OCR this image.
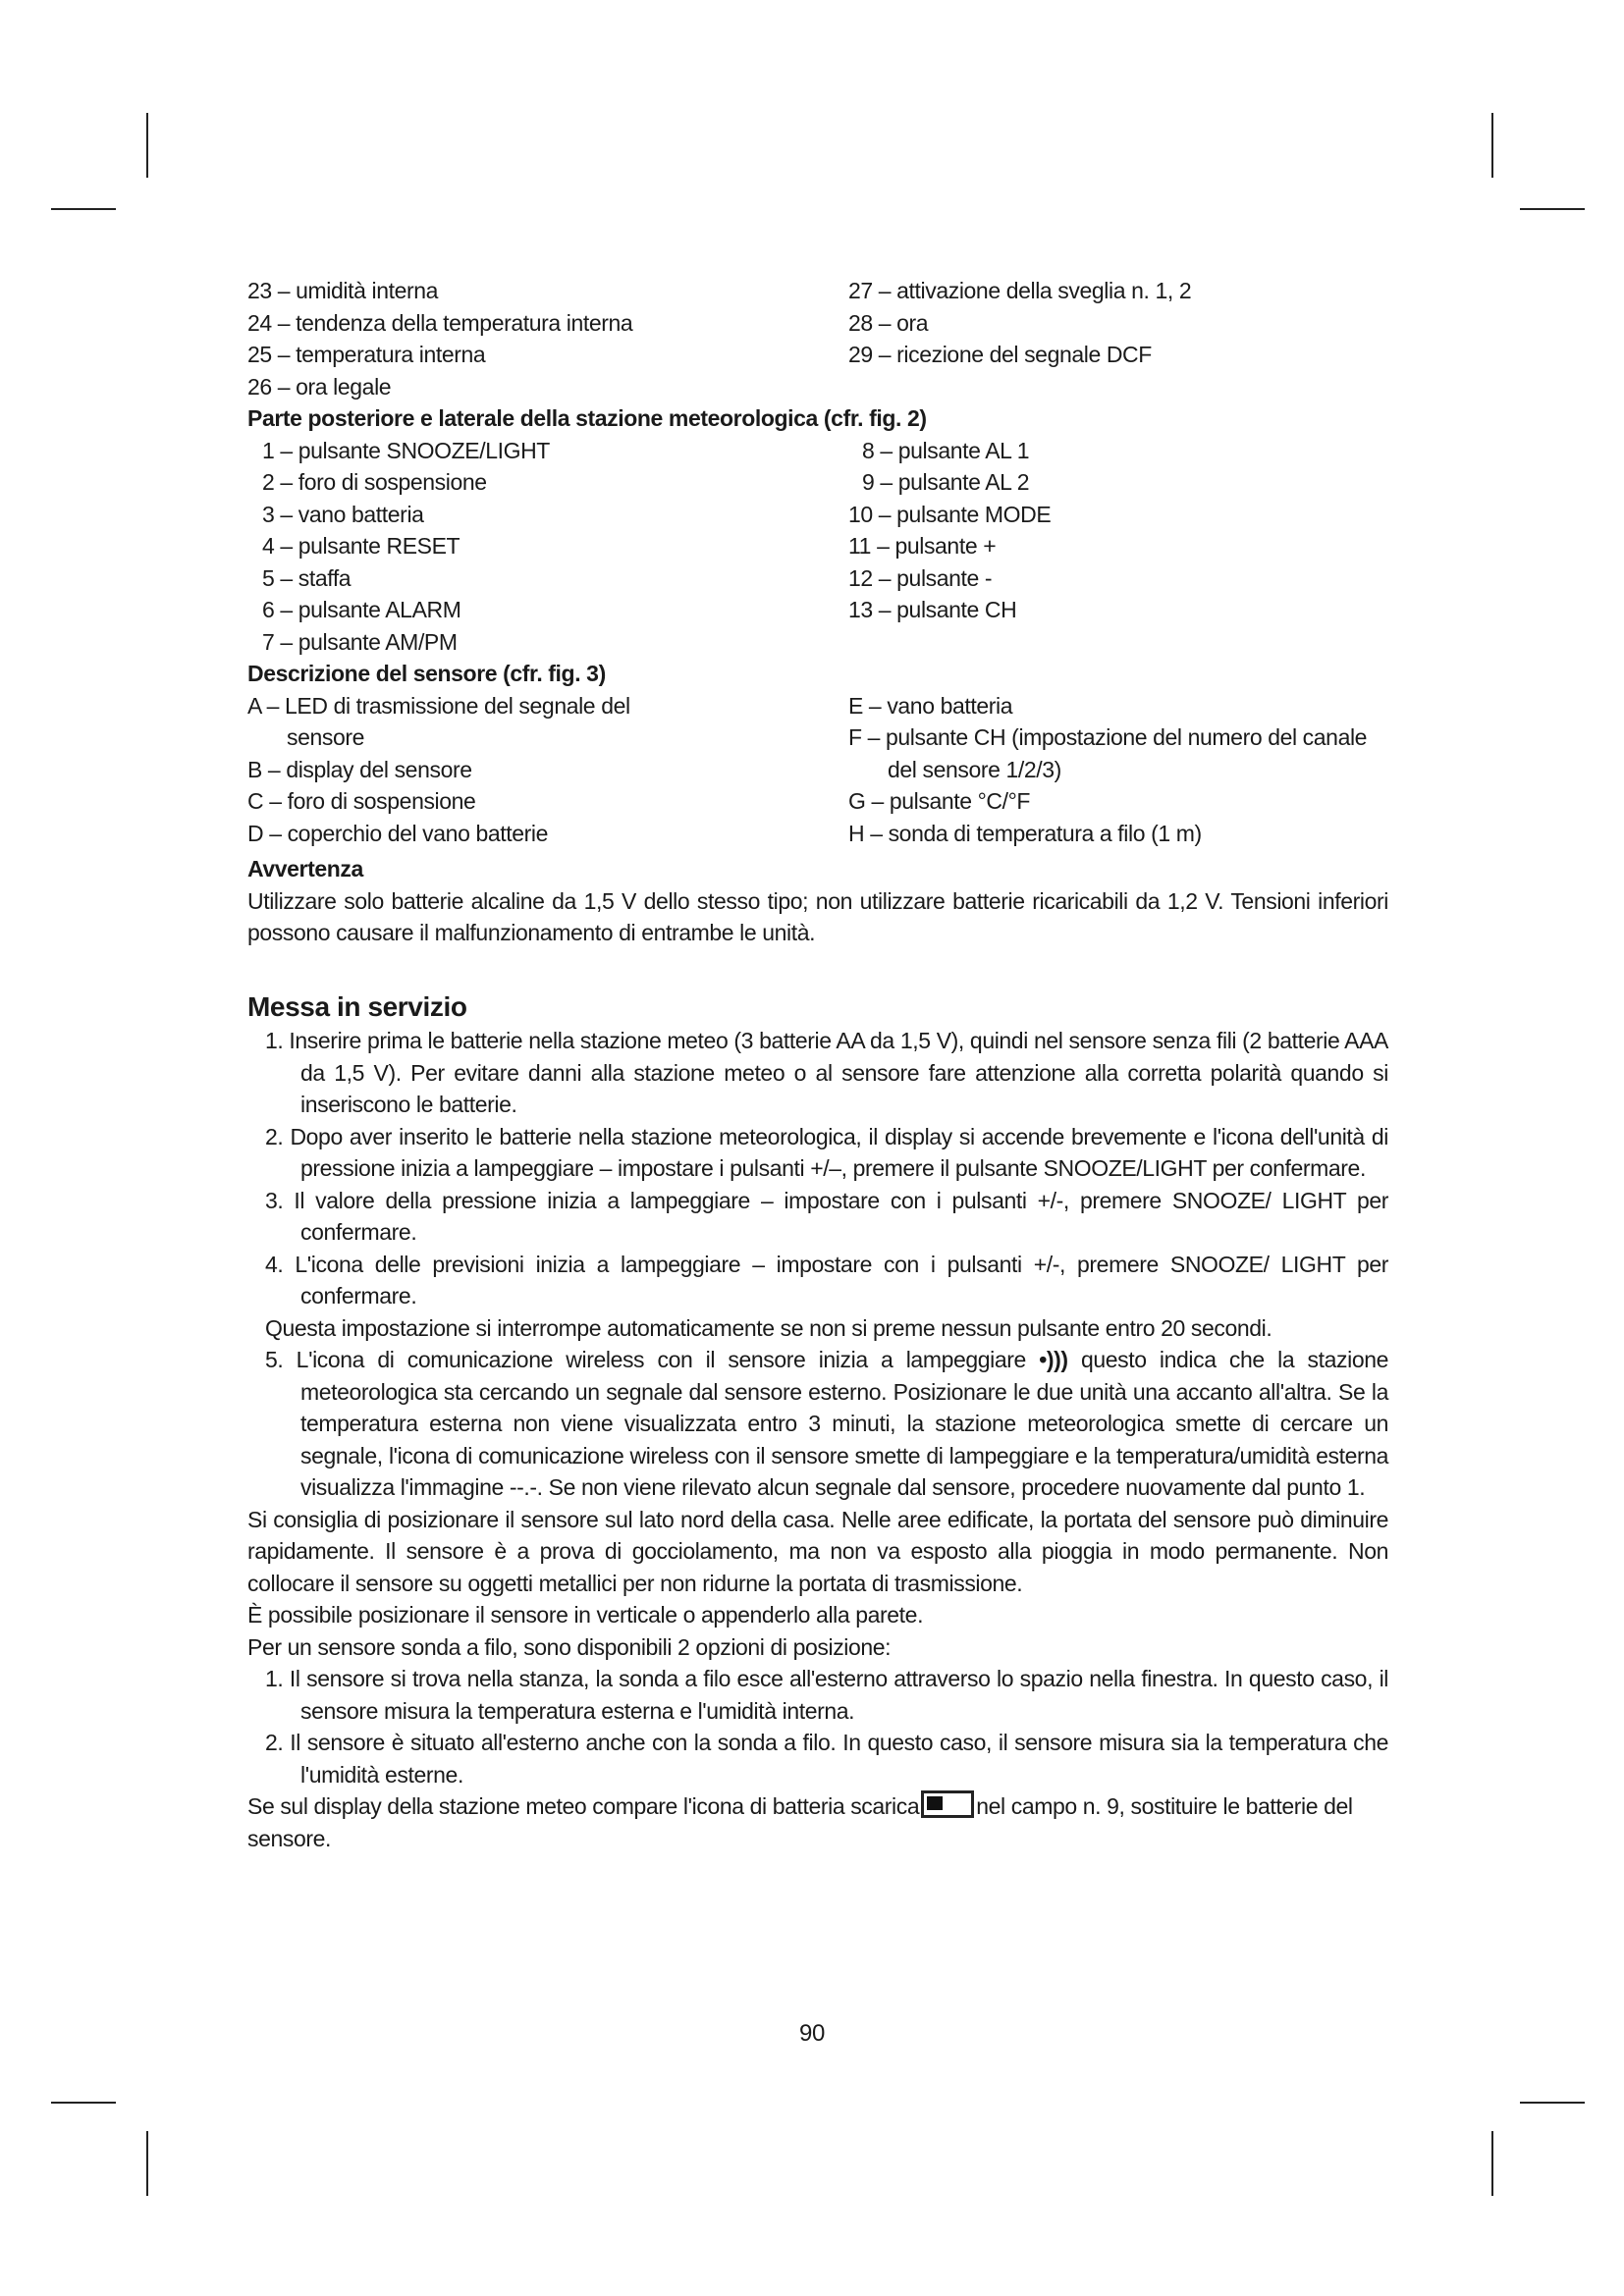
23 – umidità interna
24 – tendenza della temperatura interna
25 – temperatura interna
26 – ora legale
27 – attivazione della sveglia n. 1, 2
28 – ora
29 – ricezione del segnale DCF
Parte posteriore e laterale della stazione meteorologica (cfr. fig. 2)
1 – pulsante SNOOZE/LIGHT
2 – foro di sospensione
3 – vano batteria
4 – pulsante RESET
5 – staffa
6 – pulsante ALARM
7 – pulsante AM/PM
8 – pulsante AL 1
9 – pulsante AL 2
10 – pulsante MODE
11 – pulsante +
12 – pulsante -
13 – pulsante CH
Descrizione del sensore (cfr. fig. 3)
A – LED di trasmissione del segnale del sensore
B – display del sensore
C – foro di sospensione
D – coperchio del vano batterie
E – vano batteria
F – pulsante CH (impostazione del numero del canale del sensore 1/2/3)
G – pulsante °C/°F
H – sonda di temperatura a filo (1 m)
Avvertenza

Utilizzare solo batterie alcaline da 1,5 V dello stesso tipo; non utilizzare batterie ricaricabili da 1,2 V. Tensioni inferiori possono causare il malfunzionamento di entrambe le unità.

Messa in servizio
1. Inserire prima le batterie nella stazione meteo (3 batterie AA da 1,5 V), quindi nel sensore senza fili (2 batterie AAA da 1,5 V). Per evitare danni alla stazione meteo o al sensore fare attenzione alla corretta polarità quando si inseriscono le batterie.
2. Dopo aver inserito le batterie nella stazione meteorologica, il display si accende brevemente e l'icona dell'unità di pressione inizia a lampeggiare – impostare i pulsanti +/–, premere il pulsante SNOOZE/LIGHT per confermare.
3. Il valore della pressione inizia a lampeggiare – impostare con i pulsanti +/-, premere SNOOZE/ LIGHT per confermare.
4. L'icona delle previsioni inizia a lampeggiare – impostare con i pulsanti +/-, premere SNOOZE/ LIGHT per confermare.
Questa impostazione si interrompe automaticamente se non si preme nessun pulsante entro 20 secondi.
5. L'icona di comunicazione wireless con il sensore inizia a lampeggiare •))) questo indica che la stazione meteorologica sta cercando un segnale dal sensore esterno. Posizionare le due unità una accanto all'altra. Se la temperatura esterna non viene visualizzata entro 3 minuti, la stazione meteorologica smette di cercare un segnale, l'icona di comunicazione wireless con il sensore smette di lampeggiare e la temperatura/umidità esterna visualizza l'immagine --.-. Se non viene rilevato alcun segnale dal sensore, procedere nuovamente dal punto 1.

Si consiglia di posizionare il sensore sul lato nord della casa. Nelle aree edificate, la portata del sensore può diminuire rapidamente. Il sensore è a prova di gocciolamento, ma non va esposto alla pioggia in modo permanente. Non collocare il sensore su oggetti metallici per non ridurne la portata di trasmissione.

È possibile posizionare il sensore in verticale o appenderlo alla parete.

Per un sensore sonda a filo, sono disponibili 2 opzioni di posizione:

1. Il sensore si trova nella stanza, la sonda a filo esce all'esterno attraverso lo spazio nella finestra. In questo caso, il sensore misura la temperatura esterna e l'umidità interna.
2. Il sensore è situato all'esterno anche con la sonda a filo. In questo caso, il sensore misura sia la temperatura che l'umidità esterne.

Se sul display della stazione meteo compare l'icona di batteria scarica	nel campo n. 9, sostituire le batterie del sensore.

90
